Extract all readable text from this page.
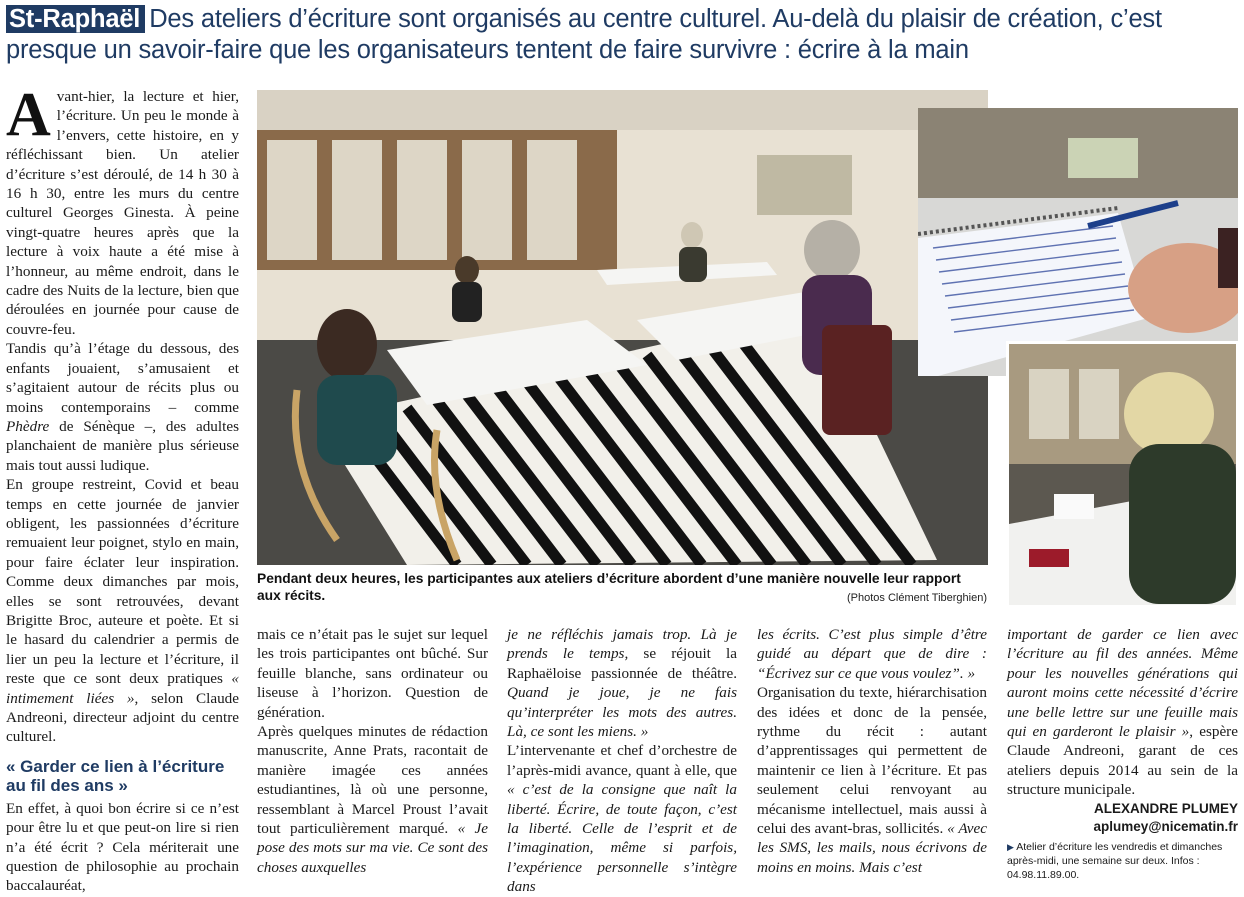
St-Raphaël Des ateliers d’écriture sont organisés au centre culturel. Au-delà du plaisir de création, c’est presque un savoir-faire que les organisateurs tentent de faire survivre : écrire à la main

Avant-hier, la lecture et hier, l’écriture. Un peu le monde à l’envers, cette histoire, en y réfléchissant bien. Un atelier d’écriture s’est déroulé, de 14 h 30 à 16 h 30, entre les murs du centre culturel Georges Ginesta. À peine vingt-quatre heures après que la lecture à voix haute a été mise à l’honneur, au même endroit, dans le cadre des Nuits de la lecture, bien que déroulées en journée pour cause de couvre-feu.

Tandis qu’à l’étage du dessous, des enfants jouaient, s’amusaient et s’agitaient autour de récits plus ou moins contemporains – comme Phèdre de Sénèque –, des adultes planchaient de manière plus sérieuse mais tout aussi ludique.

En groupe restreint, Covid et beau temps en cette journée de janvier obligent, les passionnées d’écriture remuaient leur poignet, stylo en main, pour faire éclater leur inspiration. Comme deux dimanches par mois, elles se sont retrouvées, devant Brigitte Broc, auteure et poète. Et si le hasard du calendrier a permis de lier un peu la lecture et l’écriture, il reste que ce sont deux pratiques « intimement liées », selon Claude Andreoni, directeur adjoint du centre culturel.

« Garder ce lien à l’écriture au fil des ans »

En effet, à quoi bon écrire si ce n’est pour être lu et que peut-on lire si rien n’a été écrit ? Cela mériterait une question de philosophie au prochain baccalauréat,

Pendant deux heures, les participantes aux ateliers d’écriture abordent d’une manière nouvelle leur rapport aux récits.	(Photos Clément Tiberghien)

mais ce n’était pas le sujet sur lequel les trois participantes ont bûché. Sur feuille blanche, sans ordinateur ou liseuse à l’horizon. Question de génération.

Après quelques minutes de rédaction manuscrite, Anne Prats, racontait de manière imagée ces années estudiantines, là où une personne, ressemblant à Marcel Proust l’avait tout particulièrement marqué. « Je pose des mots sur ma vie. Ce sont des choses auxquelles

je ne réfléchis jamais trop. Là je prends le temps, se réjouit la Raphaëloise passionnée de théâtre. Quand je joue, je ne fais qu’interpréter les mots des autres. Là, ce sont les miens. »

L’intervenante et chef d’orchestre de l’après-midi avance, quant à elle, que « c’est de la consigne que naît la liberté. Écrire, de toute façon, c’est la liberté. Celle de l’esprit et de l’imagination, même si parfois, l’expérience personnelle s’intègre dans

les écrits. C’est plus simple d’être guidé au départ que de dire : “Écrivez sur ce que vous voulez”. »

Organisation du texte, hiérarchisation des idées et donc de la pensée, rythme du récit : autant d’apprentissages qui permettent de maintenir ce lien à l’écriture. Et pas seulement celui renvoyant au mécanisme intellectuel, mais aussi à celui des avant-bras, sollicités. « Avec les SMS, les mails, nous écrivons de moins en moins. Mais c’est

important de garder ce lien avec l’écriture au fil des années. Même pour les nouvelles générations qui auront moins cette nécessité d’écrire une belle lettre sur une feuille mais qui en garderont le plaisir », espère Claude Andreoni, garant de ces ateliers depuis 2014 au sein de la structure municipale.

ALEXANDRE PLUMEY
aplumey@nicematin.fr
▶ Atelier d’écriture les vendredis et dimanches après-midi, une semaine sur deux. Infos : 04.98.11.89.00.
